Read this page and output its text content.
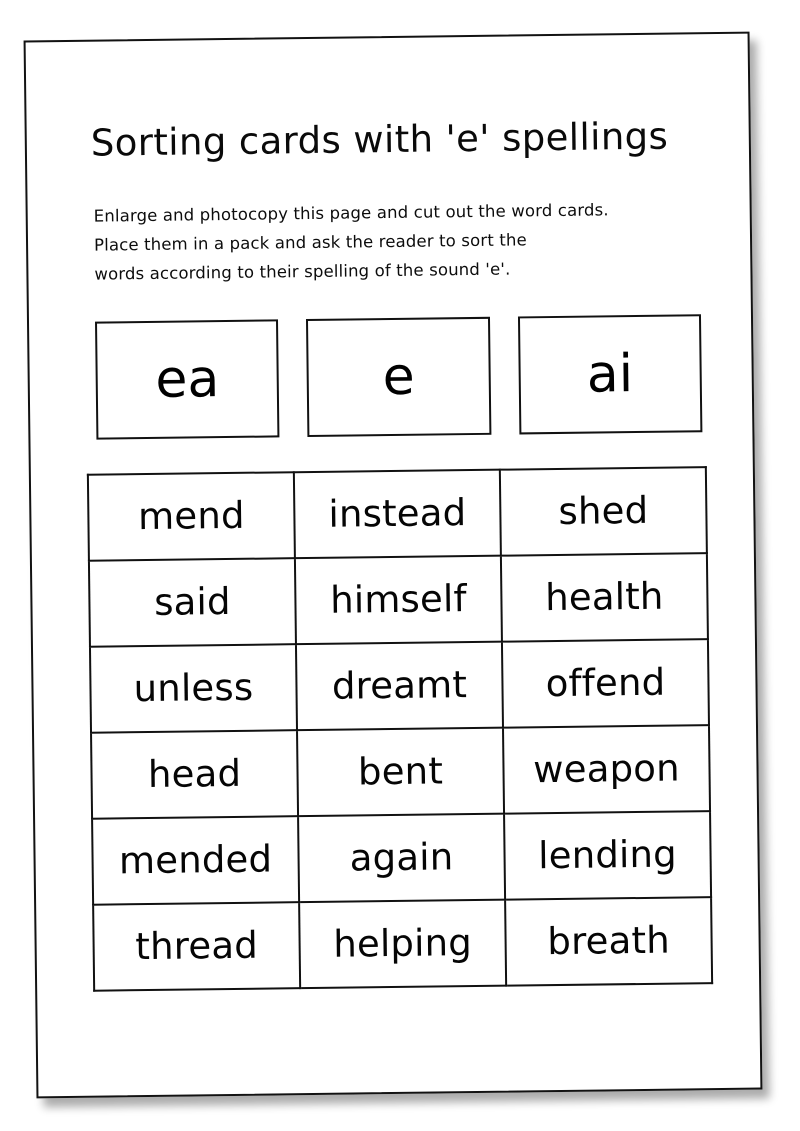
Sorting cards with 'e' spellings
Enlarge and photocopy this page and cut out the word cards.
Place them in a pack and ask the reader to sort the
words according to their spelling of the sound 'e'.
ea	e	ai
mend	instead	shed
said	himself	health
unless	dreamt	offend
head	bent	weapon
mended	again	lending
thread	helping	breath
